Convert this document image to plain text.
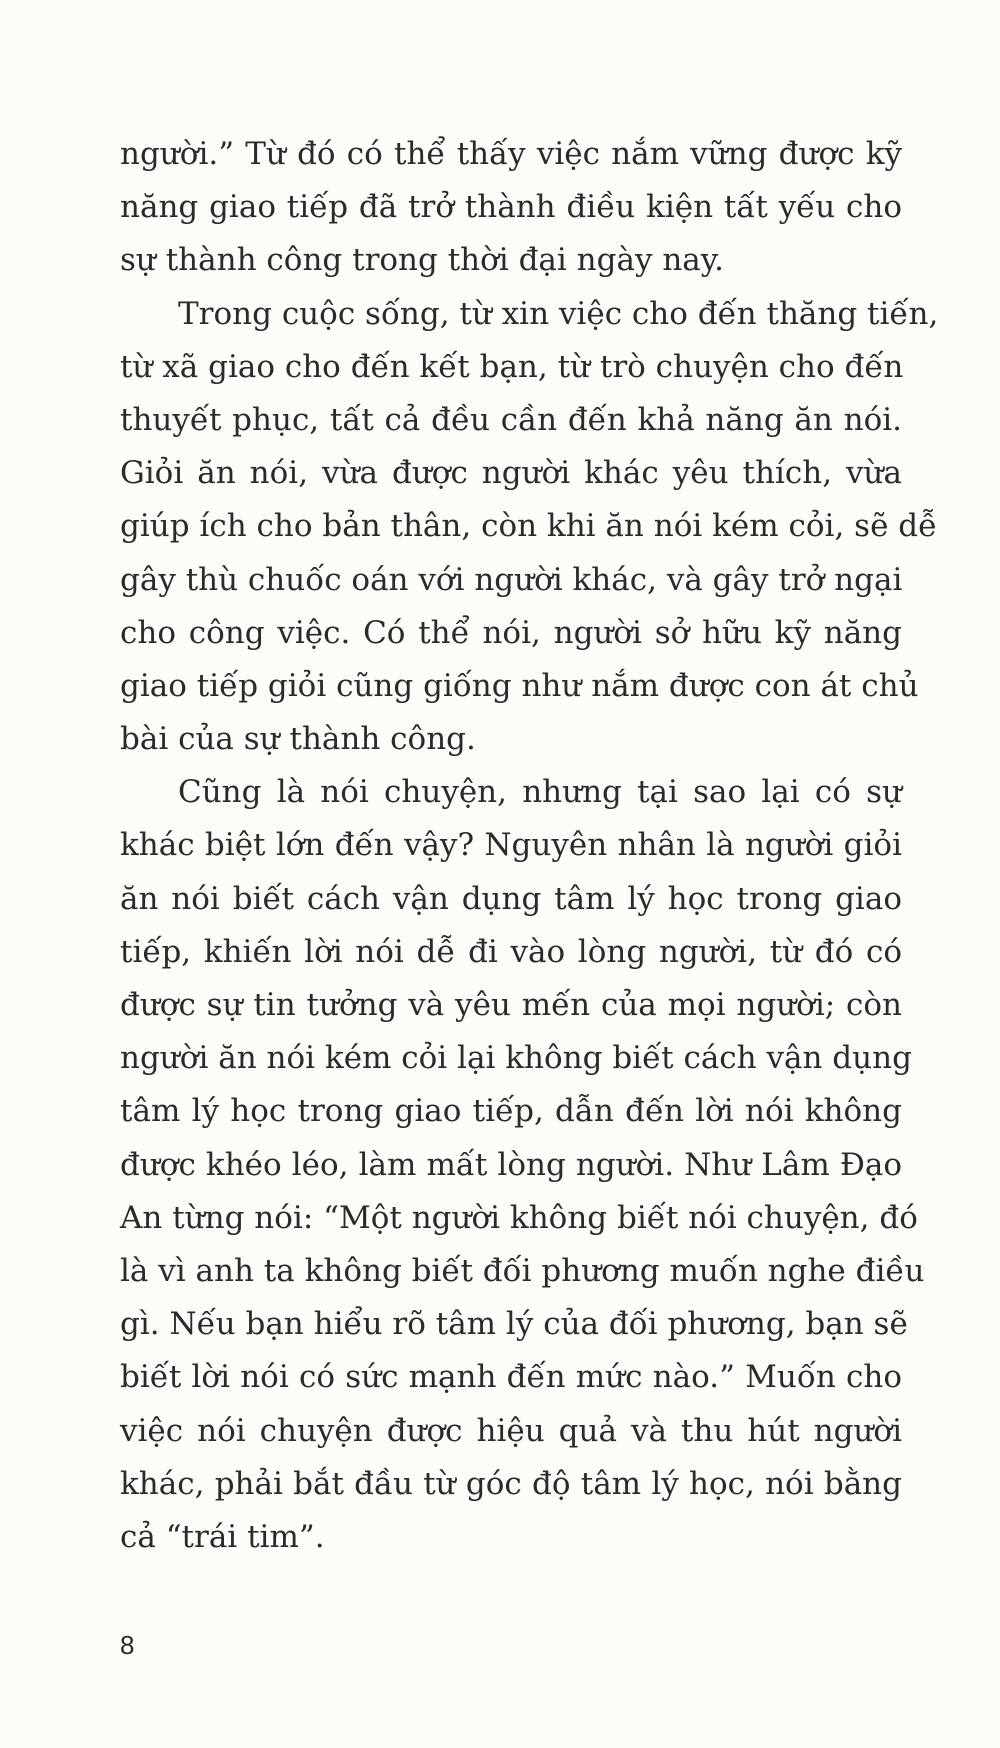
người.” Từ đó có thể thấy việc nắm vững được kỹ
năng giao tiếp đã trở thành điều kiện tất yếu cho
sự thành công trong thời đại ngày nay.
Trong cuộc sống, từ xin việc cho đến thăng tiến,
từ xã giao cho đến kết bạn, từ trò chuyện cho đến
thuyết phục, tất cả đều cần đến khả năng ăn nói.
Giỏi ăn nói, vừa được người khác yêu thích, vừa
giúp ích cho bản thân, còn khi ăn nói kém cỏi, sẽ dễ
gây thù chuốc oán với người khác, và gây trở ngại
cho công việc. Có thể nói, người sở hữu kỹ năng
giao tiếp giỏi cũng giống như nắm được con át chủ
bài của sự thành công.
Cũng là nói chuyện, nhưng tại sao lại có sự
khác biệt lớn đến vậy? Nguyên nhân là người giỏi
ăn nói biết cách vận dụng tâm lý học trong giao
tiếp, khiến lời nói dễ đi vào lòng người, từ đó có
được sự tin tưởng và yêu mến của mọi người; còn
người ăn nói kém cỏi lại không biết cách vận dụng
tâm lý học trong giao tiếp, dẫn đến lời nói không
được khéo léo, làm mất lòng người. Như Lâm Đạo
An từng nói: “Một người không biết nói chuyện, đó
là vì anh ta không biết đối phương muốn nghe điều
gì. Nếu bạn hiểu rõ tâm lý của đối phương, bạn sẽ
biết lời nói có sức mạnh đến mức nào.” Muốn cho
việc nói chuyện được hiệu quả và thu hút người
khác, phải bắt đầu từ góc độ tâm lý học, nói bằng
cả “trái tim”.
8
